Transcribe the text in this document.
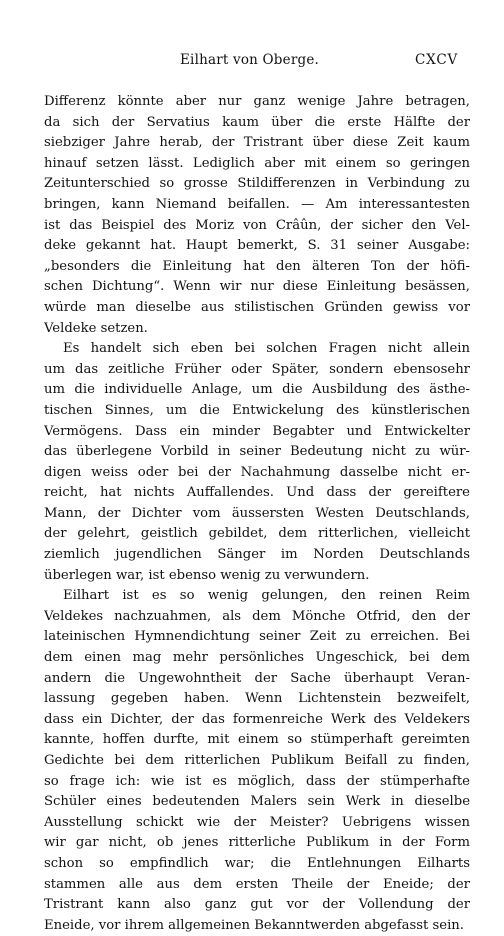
Eilhart von Oberge.	CXCV
Differenz könnte aber nur ganz wenige Jahre betragen,
da sich der Servatius kaum über die erste Hälfte der
siebziger Jahre herab, der Tristrant über diese Zeit kaum
hinauf setzen lässt. Lediglich aber mit einem so geringen
Zeitunterschied so grosse Stildifferenzen in Verbindung zu
bringen, kann Niemand beifallen. — Am interessantesten
ist das Beispiel des Moriz von Crâûn, der sicher den Vel-
deke gekannt hat. Haupt bemerkt, S. 31 seiner Ausgabe:
„besonders die Einleitung hat den älteren Ton der höfi-
schen Dichtung“. Wenn wir nur diese Einleitung besässen,
würde man dieselbe aus stilistischen Gründen gewiss vor
Veldeke setzen.
Es handelt sich eben bei solchen Fragen nicht allein
um das zeitliche Früher oder Später, sondern ebensosehr
um die individuelle Anlage, um die Ausbildung des ästhe-
tischen Sinnes, um die Entwickelung des künstlerischen
Vermögens. Dass ein minder Begabter und Entwickelter
das überlegene Vorbild in seiner Bedeutung nicht zu wür-
digen weiss oder bei der Nachahmung dasselbe nicht er-
reicht, hat nichts Auffallendes. Und dass der gereiftere
Mann, der Dichter vom äussersten Westen Deutschlands,
der gelehrt, geistlich gebildet, dem ritterlichen, vielleicht
ziemlich jugendlichen Sänger im Norden Deutschlands
überlegen war, ist ebenso wenig zu verwundern.
Eilhart ist es so wenig gelungen, den reinen Reim
Veldekes nachzuahmen, als dem Mönche Otfrid, den der
lateinischen Hymnendichtung seiner Zeit zu erreichen. Bei
dem einen mag mehr persönliches Ungeschick, bei dem
andern die Ungewohntheit der Sache überhaupt Veran-
lassung gegeben haben. Wenn Lichtenstein bezweifelt,
dass ein Dichter, der das formenreiche Werk des Veldekers
kannte, hoffen durfte, mit einem so stümperhaft gereimten
Gedichte bei dem ritterlichen Publikum Beifall zu finden,
so frage ich: wie ist es möglich, dass der stümperhafte
Schüler eines bedeutenden Malers sein Werk in dieselbe
Ausstellung schickt wie der Meister? Uebrigens wissen
wir gar nicht, ob jenes ritterliche Publikum in der Form
schon so empfindlich war; die Entlehnungen Eilharts
stammen alle aus dem ersten Theile der Eneide; der
Tristrant kann also ganz gut vor der Vollendung der
Eneide, vor ihrem allgemeinen Bekanntwerden abgefasst sein.
